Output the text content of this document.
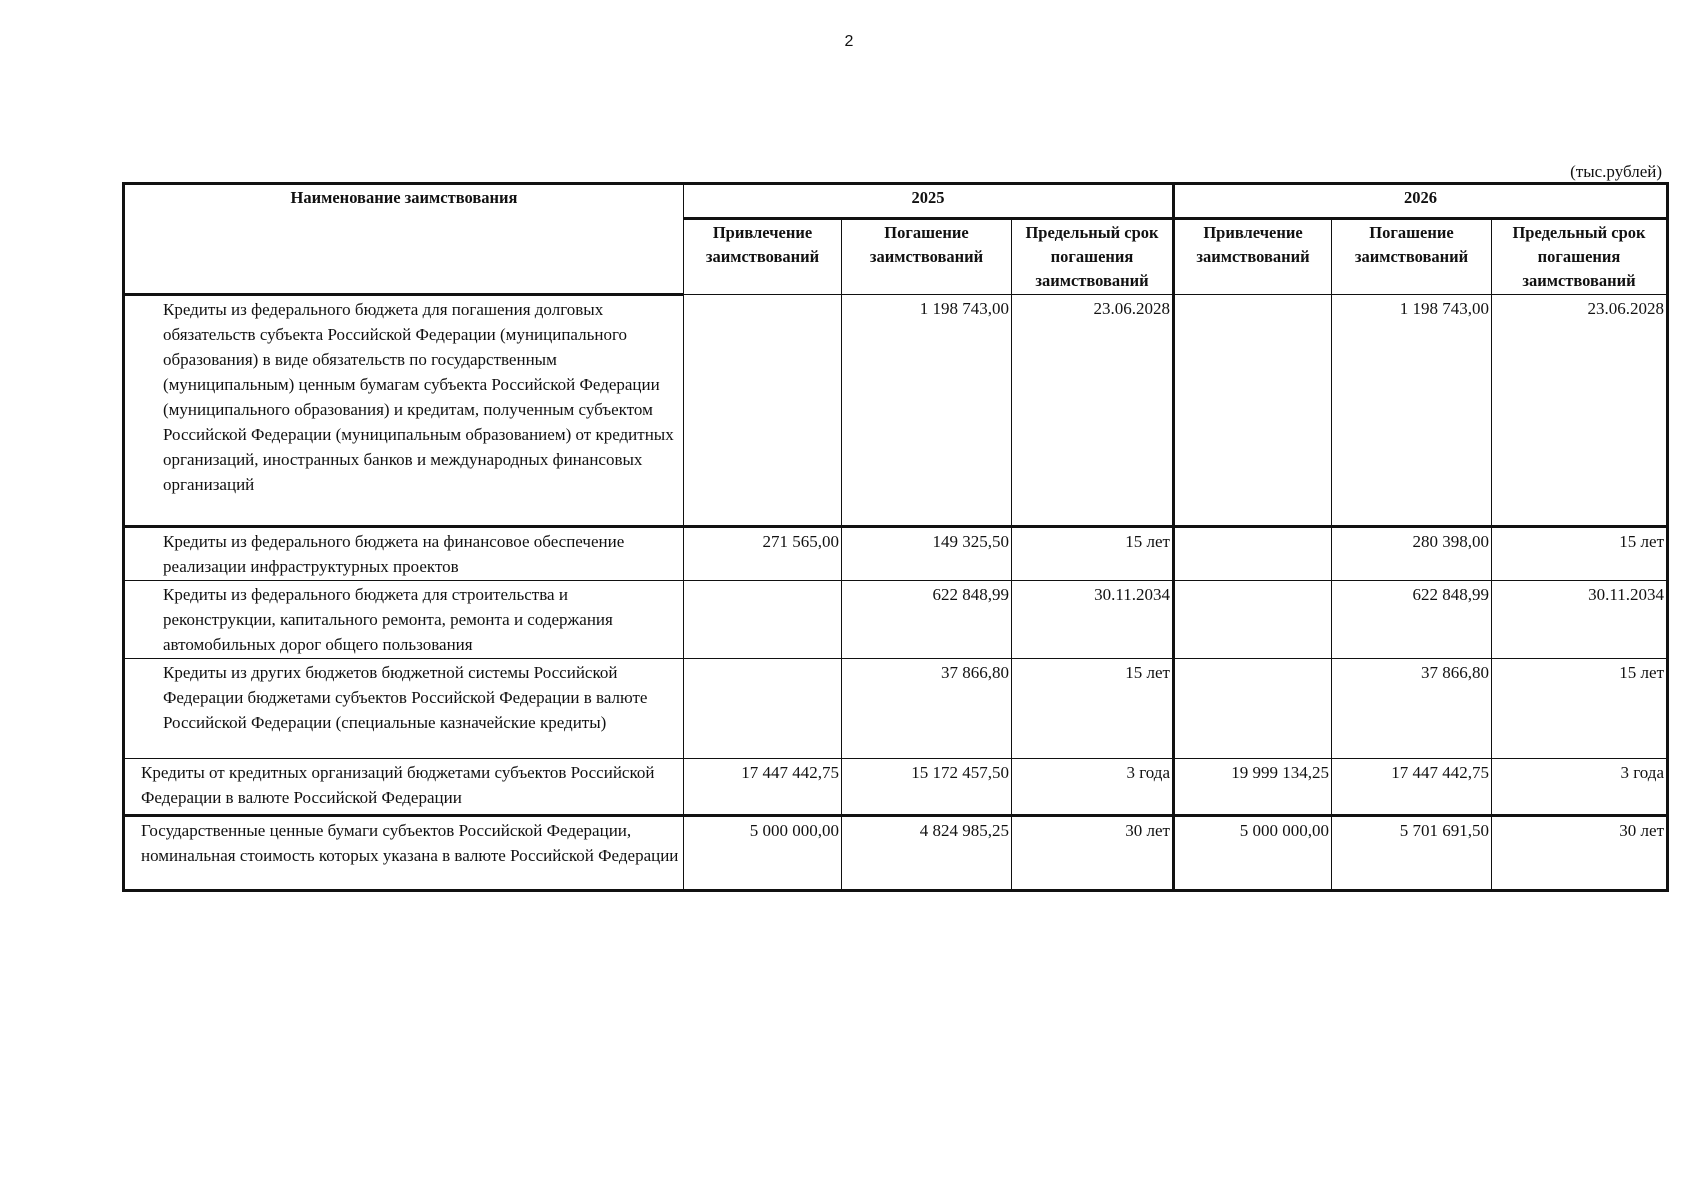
2
(тыс.рублей)
Наименование заимствования	2025			2026		
	Привлечение заимствований	Погашение заимствований	Предельный срок погашения заимствований	Привлечение заимствований	Погашение заимствований	Предельный срок погашения заимствований
Кредиты из федерального бюджета для погашения долговых обязательств субъекта Российской Федерации (муниципального образования) в виде обязательств по государственным (муниципальным) ценным бумагам субъекта Российской Федерации (муниципального образования) и кредитам, полученным субъектом Российской Федерации (муниципальным образованием) от кредитных организаций, иностранных банков и международных финансовых организаций		1 198 743,00	23.06.2028		1 198 743,00	23.06.2028
Кредиты из федерального бюджета на финансовое обеспечение реализации инфраструктурных проектов	271 565,00	149 325,50	15 лет		280 398,00	15 лет
Кредиты из федерального бюджета для строительства и реконструкции, капитального ремонта, ремонта и содержания автомобильных дорог общего пользования		622 848,99	30.11.2034		622 848,99	30.11.2034
Кредиты из других бюджетов бюджетной системы Российской Федерации бюджетами субъектов Российской Федерации в валюте Российской Федерации (специальные казначейские кредиты)		37 866,80	15 лет		37 866,80	15 лет
Кредиты от кредитных организаций бюджетами субъектов Российской Федерации в валюте Российской Федерации	17 447 442,75	15 172 457,50	3 года	19 999 134,25	17 447 442,75	3 года
Государственные ценные бумаги субъектов Российской Федерации, номинальная стоимость которых указана в валюте Российской Федерации	5 000 000,00	4 824 985,25	30 лет	5 000 000,00	5 701 691,50	30 лет
